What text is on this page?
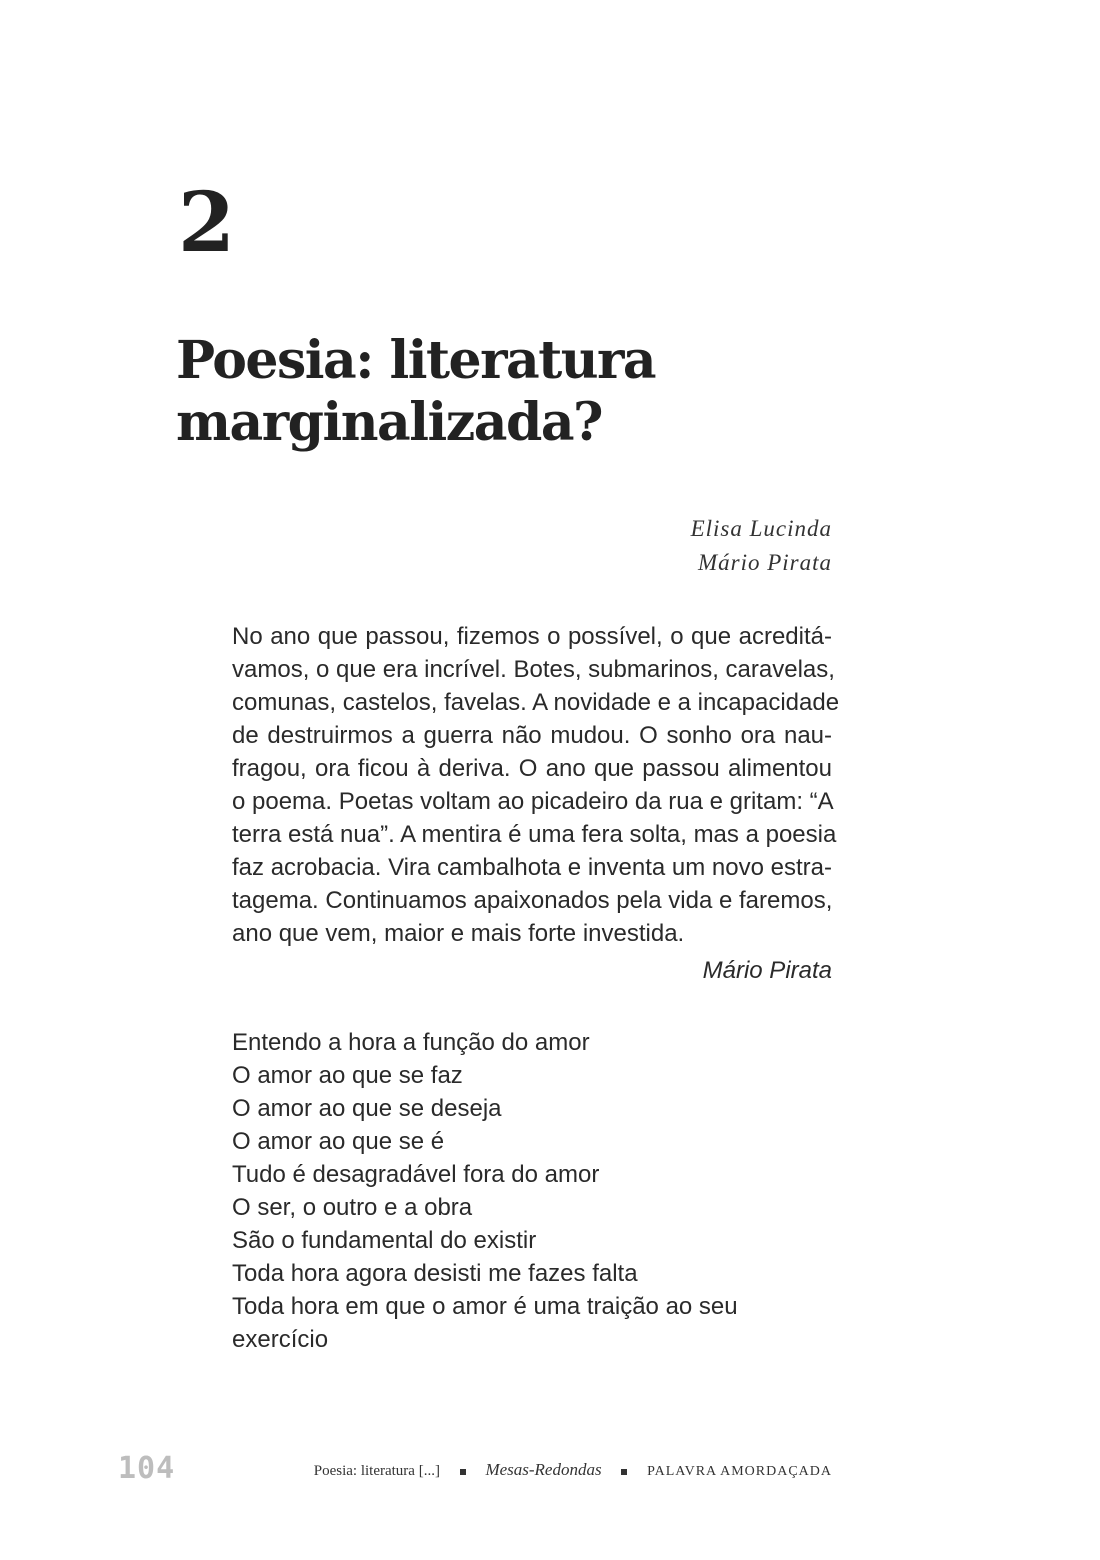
2
Poesia: literatura
marginalizada?
Elisa Lucinda
Mário Pirata

No ano que passou, fizemos o possível, o que acreditá-
vamos, o que era incrível. Botes, submarinos, caravelas,
comunas, castelos, favelas. A novidade e a incapacidade
de destruirmos a guerra não mudou. O sonho ora nau-
fragou, ora ficou à deriva. O ano que passou alimentou
o poema. Poetas voltam ao picadeiro da rua e gritam: “A
terra está nua”. A mentira é uma fera solta, mas a poesia
faz acrobacia. Vira cambalhota e inventa um novo estra-
tagema. Continuamos apaixonados pela vida e faremos,
ano que vem, maior e mais forte investida.

Mário Pirata

Entendo a hora a função do amor
O amor ao que se faz
O amor ao que se deseja
O amor ao que se é
Tudo é desagradável fora do amor
O ser, o outro e a obra
São o fundamental do existir
Toda hora agora desisti me fazes falta
Toda hora em que o amor é uma traição ao seu
exercício

104	Poesia: literatura [...]	Mesas-Redondas	PALAVRA AMORDAÇADA
